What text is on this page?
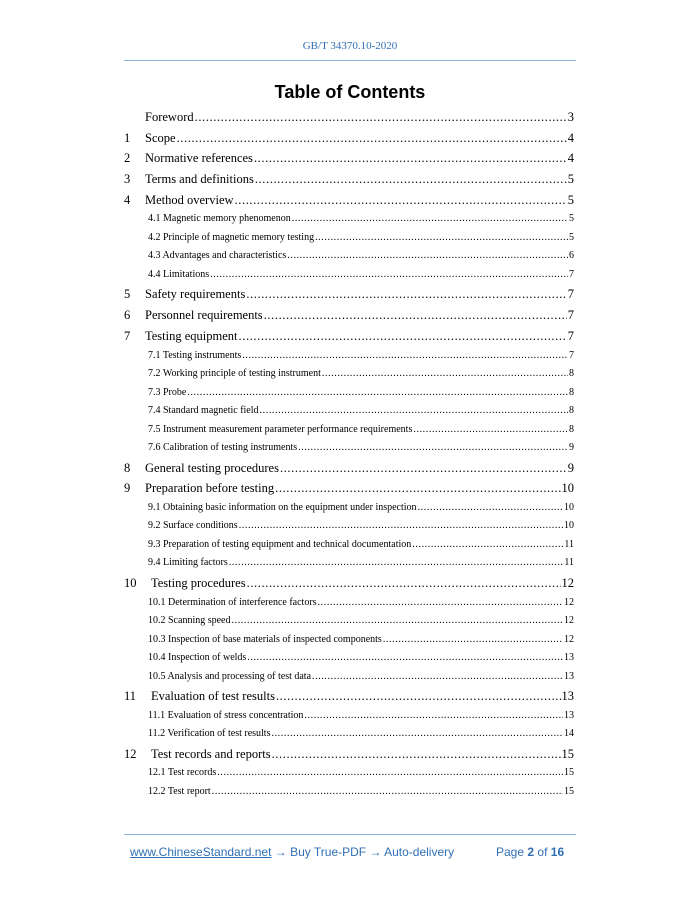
GB/T 34370.10-2020
Table of Contents
Foreword .....	3
1	Scope .....	4
2	Normative references .....	4
3	Terms and definitions .....	5
4	Method overview .....	5
4.1 Magnetic memory phenomenon .....	5
4.2 Principle of magnetic memory testing .....	5
4.3 Advantages and characteristics .....	6
4.4 Limitations .....	7
5	Safety requirements .....	7
6	Personnel requirements .....	7
7	Testing equipment .....	7
7.1 Testing instruments .....	7
7.2 Working principle of testing instrument .....	8
7.3 Probe .....	8
7.4 Standard magnetic field .....	8
7.5 Instrument measurement parameter performance requirements .....	8
7.6 Calibration of testing instruments .....	9
8	General testing procedures .....	9
9	Preparation before testing .....	10
9.1 Obtaining basic information on the equipment under inspection .....	10
9.2 Surface conditions .....	10
9.3 Preparation of testing equipment and technical documentation .....	11
9.4 Limiting factors .....	11
10	Testing procedures .....	12
10.1 Determination of interference factors .....	12
10.2 Scanning speed .....	12
10.3 Inspection of base materials of inspected components .....	12
10.4 Inspection of welds .....	13
10.5 Analysis and processing of test data .....	13
11	Evaluation of test results .....	13
11.1 Evaluation of stress concentration .....	13
11.2 Verification of test results .....	14
12	Test records and reports .....	15
12.1 Test records .....	15
12.2 Test report .....	15
www.ChineseStandard.net → Buy True-PDF → Auto-delivery	Page 2 of 16
